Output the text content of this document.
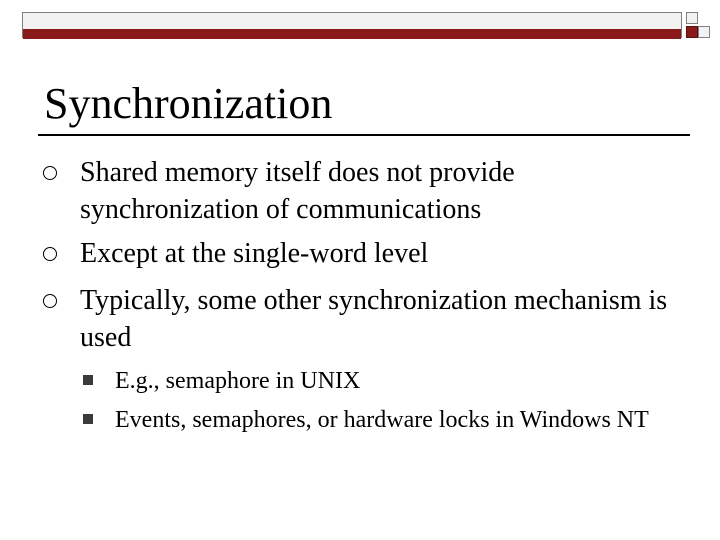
Synchronization
Shared memory itself does not provide synchronization of communications
Except at the single-word level
Typically, some other synchronization mechanism is used
E.g., semaphore in UNIX
Events, semaphores, or hardware locks in Windows NT
